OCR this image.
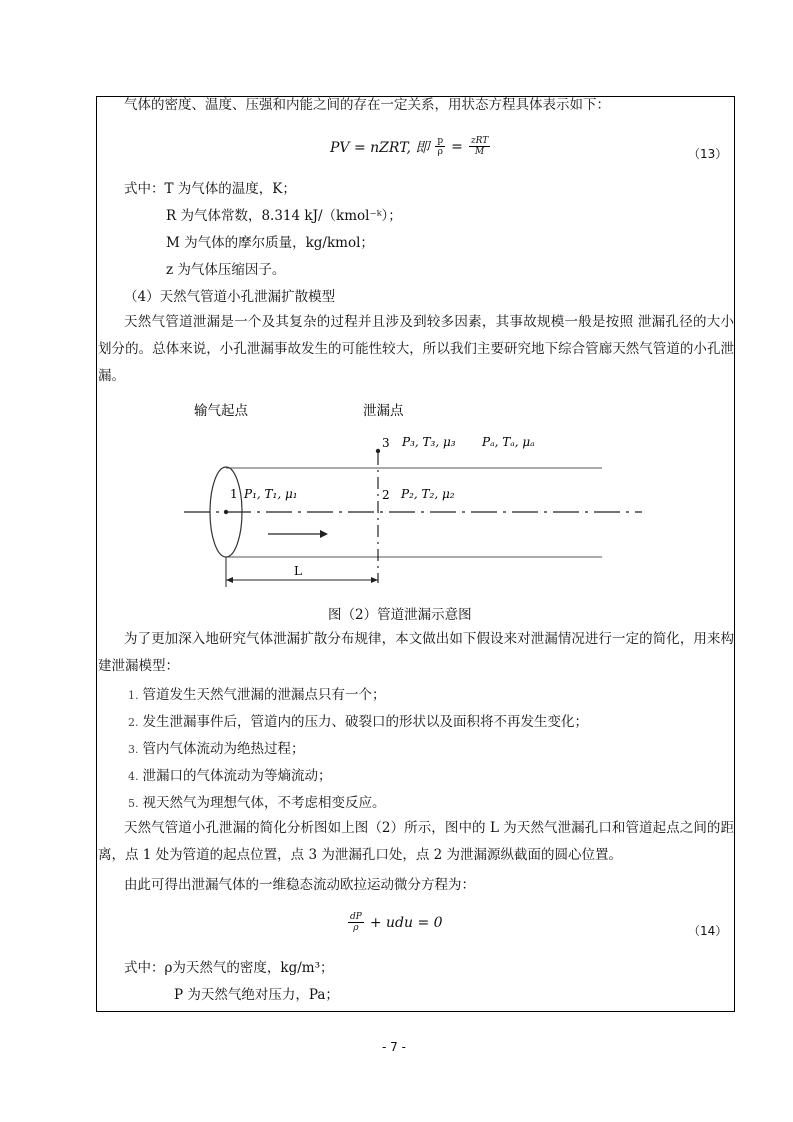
气体的密度、温度、压强和内能之间的存在一定关系，用状态方程具体表示如下：
PV = nZRT, 即 $\frac{p}{\rho} = \frac{\text{zRT}}{M}$	（13）
式中：T 为气体的温度，K；
R 为气体常数，8.314 kJ/（kmol⁻ᵏ）；
M 为气体的摩尔质量，kg/kmol；
z 为气体压缩因子。
（4）天然气管道小孔泄漏扩散模型
天然气管道泄漏是一个及其复杂的过程并且涉及到较多因素，其事故规模一般是按照 泄漏孔径的大小划分的。总体来说，小孔泄漏事故发生的可能性较大，所以我们主要研究地下综合管廊天然气管道的小孔泄漏。
输气起点	泄漏点
1
3
2
P₁, T₁, μ₁	P₂, T₂, μ₂
P₃, T₃, μ₃ Pₐ, Tₐ, μₐ
L
图（2）管道泄漏示意图
为了更加深入地研究气体泄漏扩散分布规律，本文做出如下假设来对泄漏情况进行一定的简化，用来构建泄漏模型：
1. 管道发生天然气泄漏的泄漏点只有一个；
2. 发生泄漏事件后，管道内的压力、破裂口的形状以及面积将不再发生变化；
3. 管内气体流动为绝热过程；
4. 泄漏口的气体流动为等熵流动；
5. 视天然气为理想气体，不考虑相变反应。
天然气管道小孔泄漏的简化分析图如上图（2）所示，图中的 L 为天然气泄漏孔口和管道起点之间的距离，点 1 处为管道的起点位置，点 3 为泄漏孔口处，点 2 为泄漏源纵截面的圆心位置。
由此可得出泄漏气体的一维稳态流动欧拉运动微分方程为：
$\frac{dP}{\rho}$ + udu = 0
（14）
式中：ρ为天然气的密度，kg/m³；
P 为天然气绝对压力，Pa；
- 7 -
